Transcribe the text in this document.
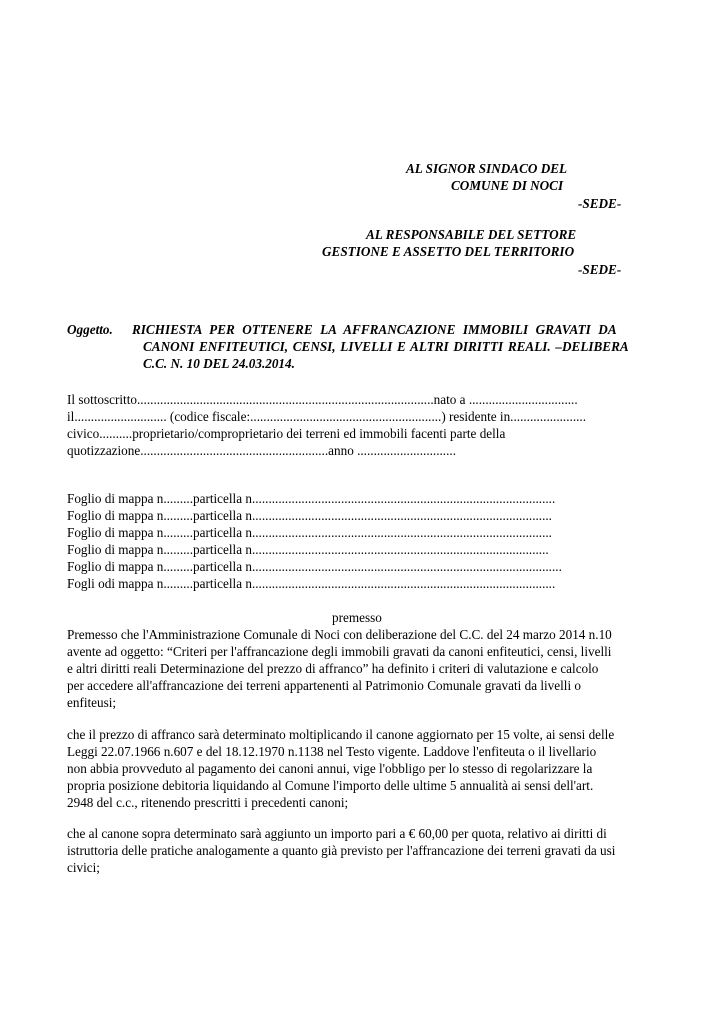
AL SIGNOR SINDACO DEL
COMUNE DI NOCI
-SEDE-
AL RESPONSABILE DEL SETTORE
GESTIONE E ASSETTO DEL TERRITORIO
-SEDE-
Oggetto. RICHIESTA PER OTTENERE LA AFFRANCAZIONE IMMOBILI GRAVATI DA
CANONI ENFITEUTICI, CENSI, LIVELLI E ALTRI DIRITTI REALI. –DELIBERA
C.C. N. 10 DEL 24.03.2014.
Il sottoscritto..........................................................................................nato a .................................
il............................ (codice fiscale:..........................................................) residente in.......................
civico..........proprietario/comproprietario dei terreni ed immobili facenti parte della
quotizzazione.........................................................anno ..............................
Foglio di mappa n.........particella n............................................................................................
Foglio di mappa n.........particella n...........................................................................................
Foglio di mappa n.........particella n...........................................................................................
Foglio di mappa n.........particella n..........................................................................................
Foglio di mappa n.........particella n..............................................................................................
Fogli odi mappa n.........particella n............................................................................................
premesso
Premesso che l'Amministrazione Comunale di Noci con deliberazione del C.C. del 24 marzo 2014 n.10
avente ad oggetto: “Criteri per l'affrancazione degli immobili gravati da canoni enfiteutici, censi, livelli
e altri diritti reali Determinazione del prezzo di affranco” ha definito i criteri di valutazione e calcolo
per accedere all'affrancazione dei terreni appartenenti al Patrimonio Comunale gravati da livelli o
enfiteusi;
che il prezzo di affranco sarà determinato moltiplicando il canone aggiornato per 15 volte, ai sensi delle
Leggi 22.07.1966 n.607 e del 18.12.1970 n.1138 nel Testo vigente. Laddove l'enfiteuta o il livellario
non abbia provveduto al pagamento dei canoni annui, vige l'obbligo per lo stesso di regolarizzare la
propria posizione debitoria liquidando al Comune l'importo delle ultime 5 annualità ai sensi dell'art.
2948 del c.c., ritenendo prescritti i precedenti canoni;
che al canone sopra determinato sarà aggiunto un importo pari a € 60,00 per quota, relativo ai diritti di
istruttoria delle pratiche analogamente a quanto già previsto per l'affrancazione dei terreni gravati da usi
civici;
